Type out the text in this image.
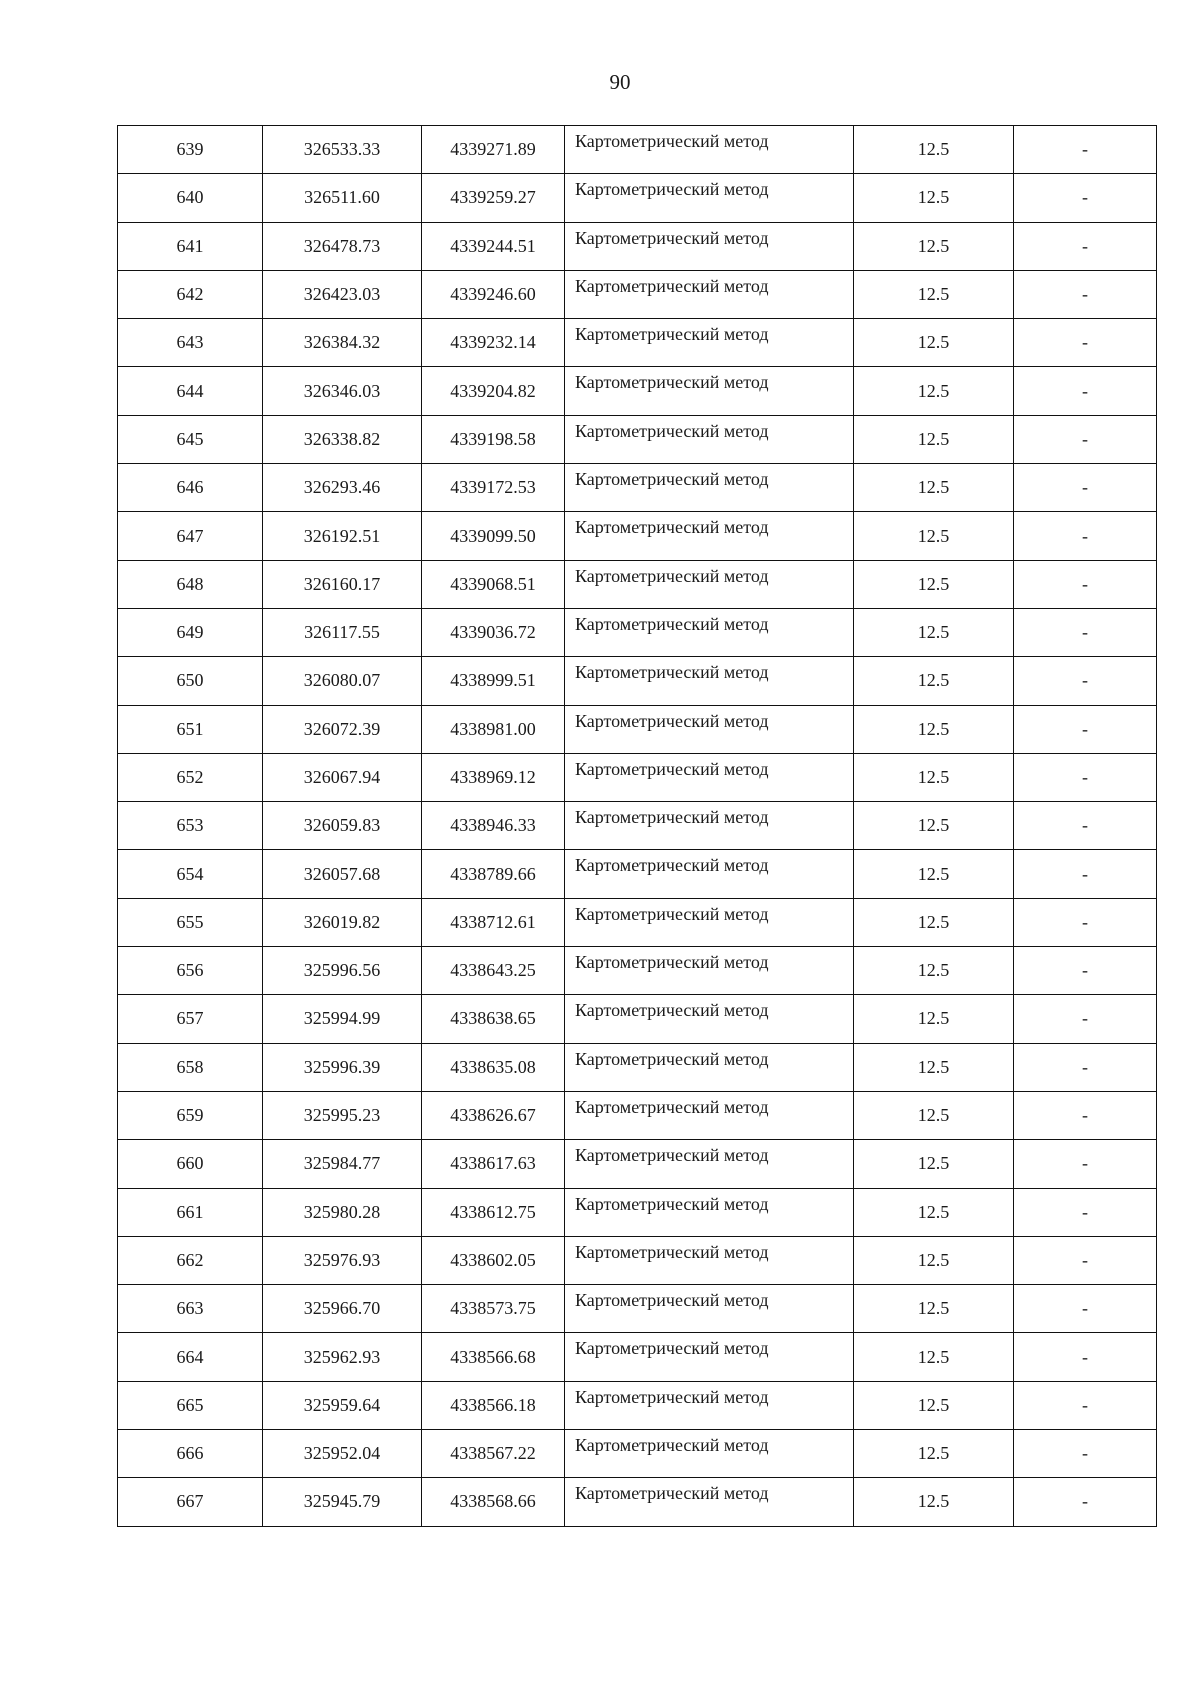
90
639	326533.33	4339271.89	Картометрический метод	12.5	-
640	326511.60	4339259.27	Картометрический метод	12.5	-
641	326478.73	4339244.51	Картометрический метод	12.5	-
642	326423.03	4339246.60	Картометрический метод	12.5	-
643	326384.32	4339232.14	Картометрический метод	12.5	-
644	326346.03	4339204.82	Картометрический метод	12.5	-
645	326338.82	4339198.58	Картометрический метод	12.5	-
646	326293.46	4339172.53	Картометрический метод	12.5	-
647	326192.51	4339099.50	Картометрический метод	12.5	-
648	326160.17	4339068.51	Картометрический метод	12.5	-
649	326117.55	4339036.72	Картометрический метод	12.5	-
650	326080.07	4338999.51	Картометрический метод	12.5	-
651	326072.39	4338981.00	Картометрический метод	12.5	-
652	326067.94	4338969.12	Картометрический метод	12.5	-
653	326059.83	4338946.33	Картометрический метод	12.5	-
654	326057.68	4338789.66	Картометрический метод	12.5	-
655	326019.82	4338712.61	Картометрический метод	12.5	-
656	325996.56	4338643.25	Картометрический метод	12.5	-
657	325994.99	4338638.65	Картометрический метод	12.5	-
658	325996.39	4338635.08	Картометрический метод	12.5	-
659	325995.23	4338626.67	Картометрический метод	12.5	-
660	325984.77	4338617.63	Картометрический метод	12.5	-
661	325980.28	4338612.75	Картометрический метод	12.5	-
662	325976.93	4338602.05	Картометрический метод	12.5	-
663	325966.70	4338573.75	Картометрический метод	12.5	-
664	325962.93	4338566.68	Картометрический метод	12.5	-
665	325959.64	4338566.18	Картометрический метод	12.5	-
666	325952.04	4338567.22	Картометрический метод	12.5	-
667	325945.79	4338568.66	Картометрический метод	12.5	-
